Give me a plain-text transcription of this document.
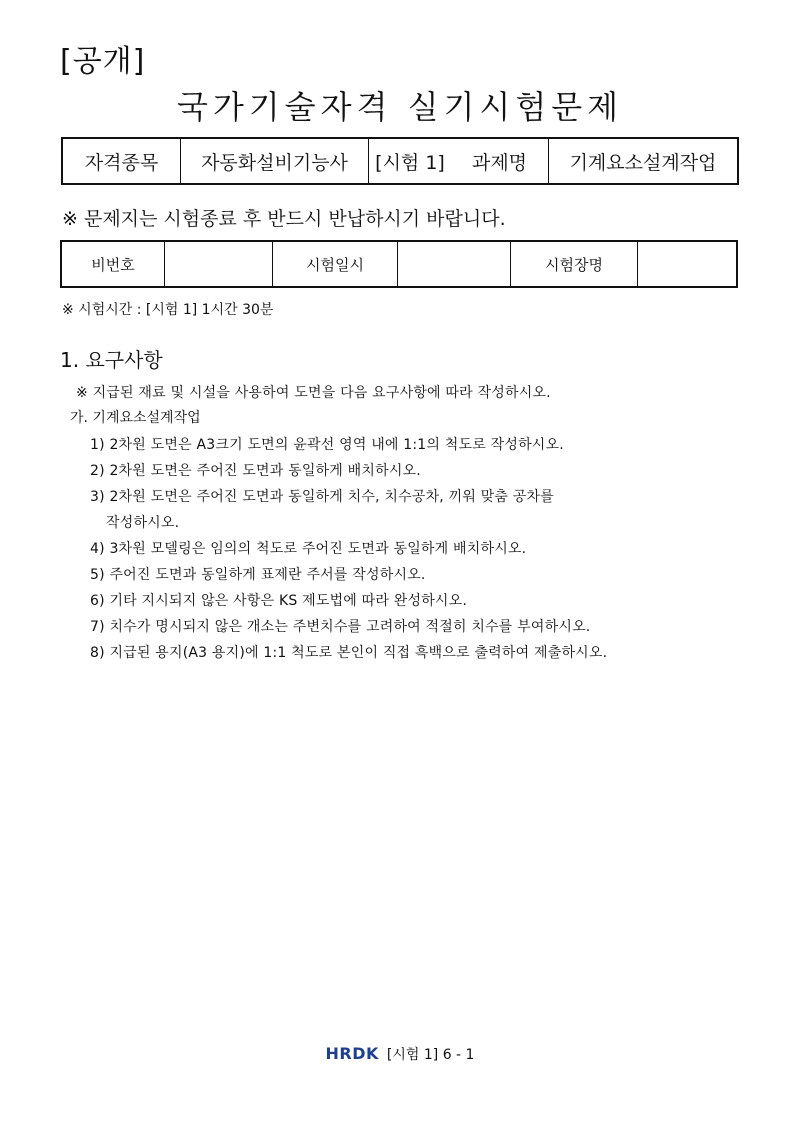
[공개]
국가기술자격 실기시험문제
자격종목	자동화설비기능사	[시험 1]	과제명	기계요소설계작업
※ 문제지는 시험종료 후 반드시 반납하시기 바랍니다.
비번호		시험일시		시험장명	
※ 시험시간 : [시험 1] 1시간 30분
1. 요구사항
※ 지급된 재료 및 시설을 사용하여 도면을 다음 요구사항에 따라 작성하시오.
가. 기계요소설계작업
1) 2차원 도면은 A3크기 도면의 윤곽선 영역 내에 1:1의 척도로 작성하시오.
2) 2차원 도면은 주어진 도면과 동일하게 배치하시오.
3) 2차원 도면은 주어진 도면과 동일하게 치수, 치수공차, 끼워 맞춤 공차를
작성하시오.
4) 3차원 모델링은 임의의 척도로 주어진 도면과 동일하게 배치하시오.
5) 주어진 도면과 동일하게 표제란 주서를 작성하시오.
6) 기타 지시되지 않은 사항은 KS 제도법에 따라 완성하시오.
7) 치수가 명시되지 않은 개소는 주변치수를 고려하여 적절히 치수를 부여하시오.
8) 지급된 용지(A3 용지)에 1:1 척도로 본인이 직접 흑백으로 출력하여 제출하시오.
HRDK [시험 1] 6 - 1
